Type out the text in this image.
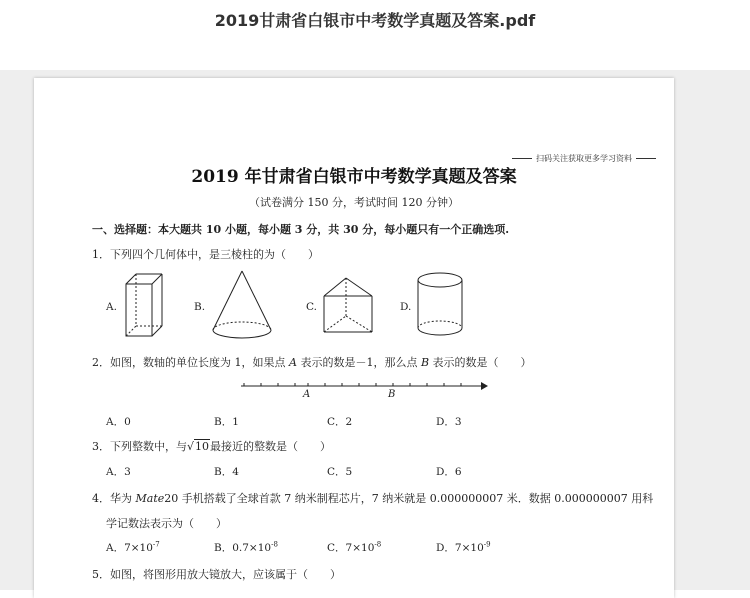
2019甘肃省白银市中考数学真题及答案.pdf
扫码关注获取更多学习资料
2019 年甘肃省白银市中考数学真题及答案
（试卷满分 150 分，考试时间 120 分钟）
一、选择题：本大题共 10 小题，每小题 3 分，共 30 分，每小题只有一个正确选项.
1．下列四个几何体中，是三棱柱的为（　　）
A.	B.	C.	D.
2．如图，数轴的单位长度为 1，如果点 A 表示的数是－1，那么点 B 表示的数是（　　）
A	B
A．0	B．1	C．2	D．3
3．下列整数中，与√10最接近的整数是（　　）
A．3	B．4	C．5	D．6
4．华为 Mate20 手机搭载了全球首款 7 纳米制程芯片，7 纳米就是 0.000000007 米．数据 0.000000007 用科
学记数法表示为（　　）
A．$7\times 10^{-7}$	B．$0.7\times 10^{-8}$	C．$7\times 10^{-8}$	D．$7\times 10^{-9}$
5．如图，将图形用放大镜放大，应该属于（　　）
